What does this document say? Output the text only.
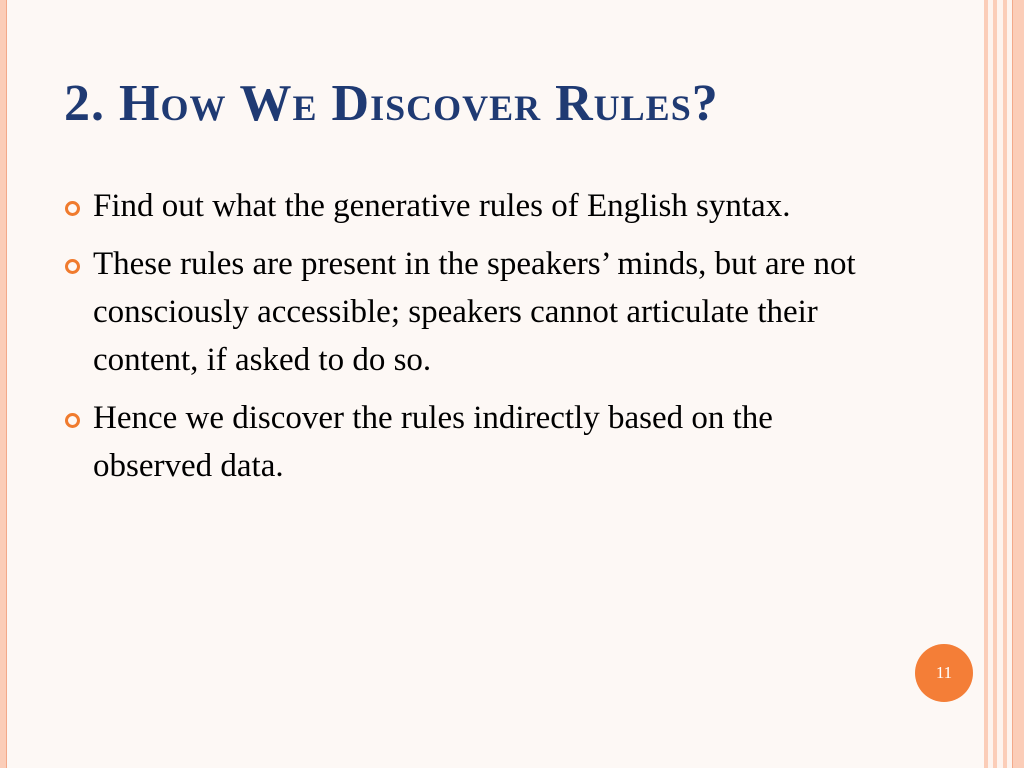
2. How We Discover Rules?
Find out what the generative rules of English syntax.
These rules are present in the speakers’ minds, but are not consciously accessible; speakers cannot articulate their content, if asked to do so.
Hence we discover the rules indirectly based on the observed data.
11
